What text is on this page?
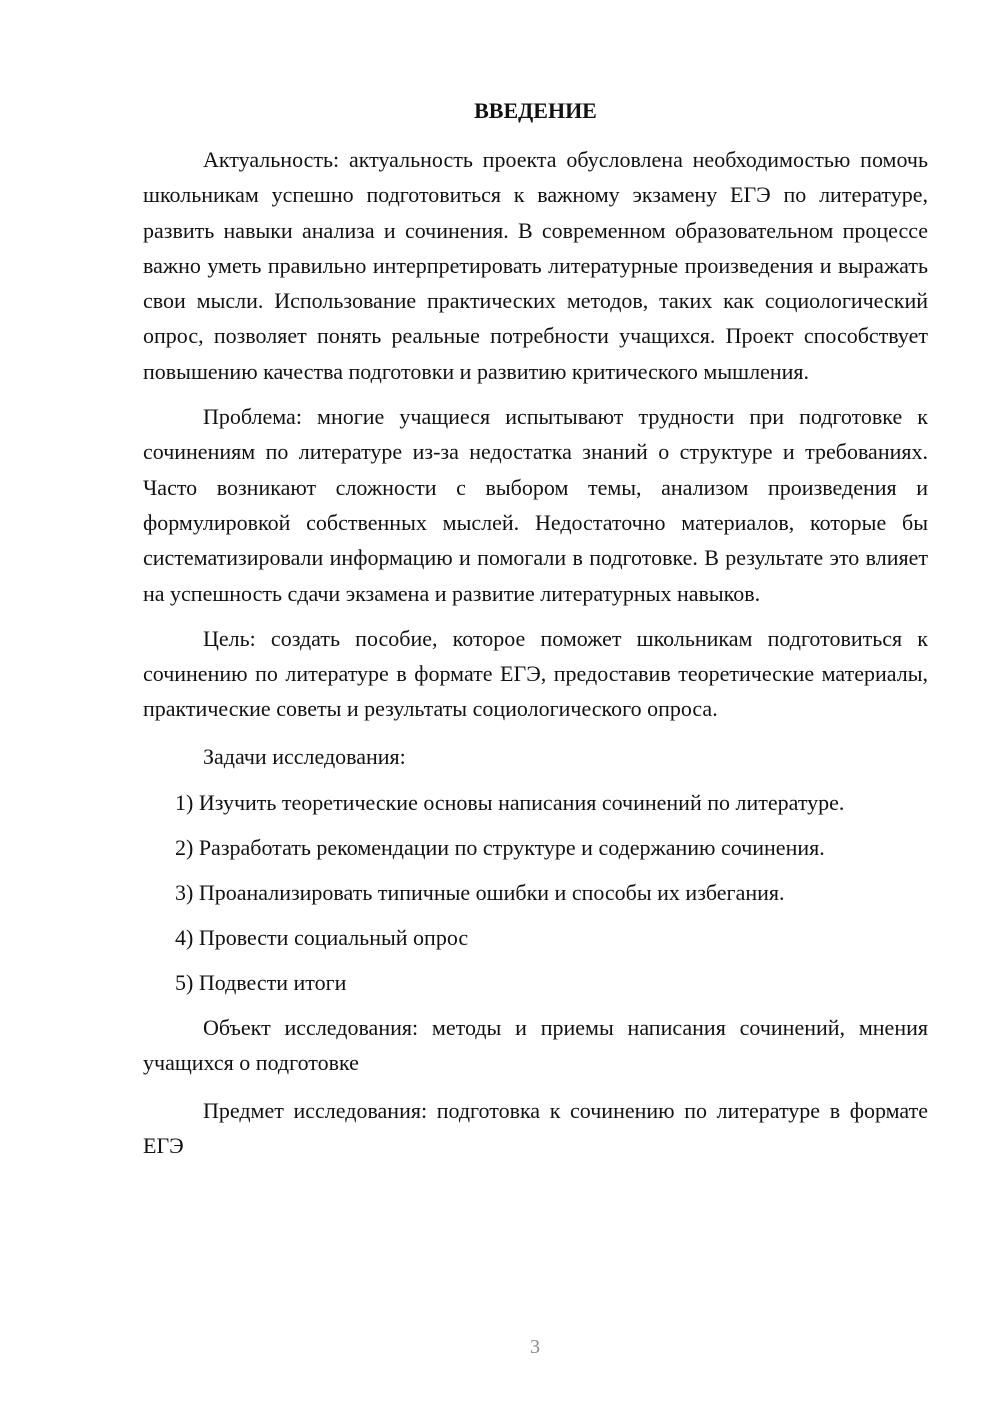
ВВЕДЕНИЕ

Актуальность: актуальность проекта обусловлена необходимостью помочь школьникам успешно подготовиться к важному экзамену ЕГЭ по литературе, развить навыки анализа и сочинения. В современном образовательном процессе важно уметь правильно интерпретировать литературные произведения и выражать свои мысли. Использование практических методов, таких как социологический опрос, позволяет понять реальные потребности учащихся. Проект способствует повышению качества подготовки и развитию критического мышления.

Проблема: многие учащиеся испытывают трудности при подготовке к сочинениям по литературе из-за недостатка знаний о структуре и требованиях. Часто возникают сложности с выбором темы, анализом произведения и формулировкой собственных мыслей. Недостаточно материалов, которые бы систематизировали информацию и помогали в подготовке. В результате это влияет на успешность сдачи экзамена и развитие литературных навыков.

Цель: создать пособие, которое поможет школьникам подготовиться к сочинению по литературе в формате ЕГЭ, предоставив теоретические материалы, практические советы и результаты социологического опроса.

Задачи исследования:

1) Изучить теоретические основы написания сочинений по литературе.
2) Разработать рекомендации по структуре и содержанию сочинения.
3) Проанализировать типичные ошибки и способы их избегания.
4) Провести социальный опрос
5) Подвести итоги

Объект исследования: методы и приемы написания сочинений, мнения учащихся о подготовке

Предмет исследования: подготовка к сочинению по литературе в формате ЕГЭ

3
